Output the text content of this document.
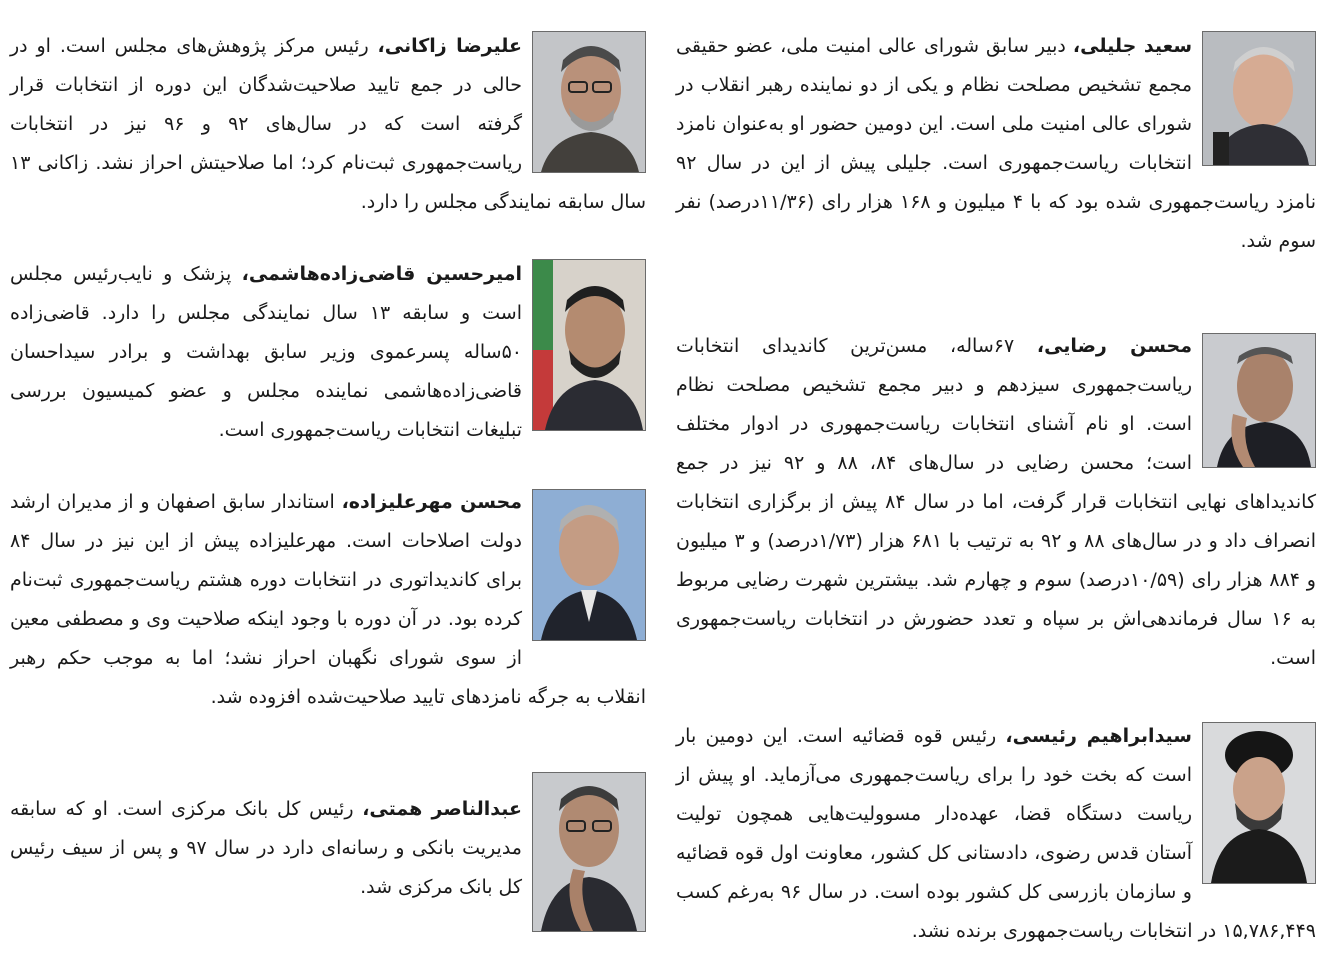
سعید جلیلی، دبیر سابق شورای عالی امنیت ملی، عضو حقیقی مجمع تشخیص مصلحت نظام و یکی از دو نماینده رهبر انقلاب در شورای عالی امنیت ملی است. این دومین حضور او به‌عنوان نامزد انتخابات ریاست‌جمهوری است. جلیلی پیش از این در سال ۹۲ نامزد ریاست‌جمهوری شده بود که با ۴ میلیون و ۱۶۸ هزار رای (۱۱/۳۶درصد) نفر سوم شد.

محسن رضایی، ۶۷ساله، مسن‌ترین کاندیدای انتخابات ریاست‌جمهوری سیزدهم و دبیر مجمع تشخیص مصلحت نظام است. او نام آشنای انتخابات ریاست‌جمهوری در ادوار مختلف است؛ محسن رضایی در سال‌های ۸۴، ۸۸ و ۹۲ نیز در جمع کاندیداهای نهایی انتخابات قرار گرفت، اما در سال ۸۴ پیش از برگزاری انتخابات انصراف داد و در سال‌های ۸۸ و ۹۲ به ترتیب با ۶۸۱ هزار (۱/۷۳درصد) و ۳ میلیون و ۸۸۴ هزار رای (۱۰/۵۹درصد) سوم و چهارم شد. بیشترین شهرت رضایی مربوط به ۱۶ سال فرماندهی‌اش بر سپاه و تعدد حضورش در انتخابات ریاست‌جمهوری است.

سیدابراهیم رئیسی، رئیس قوه قضائیه است. این دومین بار است که بخت خود را برای ریاست‌جمهوری می‌آزماید. او پیش از ریاست دستگاه قضا، عهده‌دار مسوولیت‌هایی همچون تولیت آستان قدس رضوی، دادستانی کل کشور، معاونت اول قوه قضائیه و سازمان بازرسی کل کشور بوده است. در سال ۹۶ به‌رغم کسب ۱۵,۷۸۶,۴۴۹ در انتخابات ریاست‌جمهوری برنده نشد.

علیرضا زاکانی، رئیس مرکز پژوهش‌های مجلس است. او در حالی در جمع تایید صلاحیت‌شدگان این دوره از انتخابات قرار گرفته است که در سال‌های ۹۲ و ۹۶ نیز در انتخابات ریاست‌جمهوری ثبت‌نام کرد؛ اما صلاحیتش احراز نشد. زاکانی ۱۳ سال سابقه نمایندگی مجلس را دارد.

امیرحسین قاضی‌زاده‌هاشمی، پزشک و نایب‌رئیس مجلس است و سابقه ۱۳ سال نمایندگی مجلس را دارد. قاضی‌زاده ۵۰ساله پسرعموی وزیر سابق بهداشت و برادر سیداحسان قاضی‌زاده‌هاشمی نماینده مجلس و عضو کمیسیون بررسی تبلیغات انتخابات ریاست‌جمهوری است.

محسن مهرعلیزاده، استاندار سابق اصفهان و از مدیران ارشد دولت اصلاحات است. مهرعلیزاده پیش از این نیز در سال ۸۴ برای کاندیداتوری در انتخابات دوره هشتم ریاست‌جمهوری ثبت‌نام کرده بود. در آن دوره با وجود اینکه صلاحیت وی و مصطفی معین از سوی شورای نگهبان احراز نشد؛ اما به موجب حکم رهبر انقلاب به جرگه نامزدهای تایید صلاحیت‌شده افزوده شد.

عبدالناصر همتی، رئیس کل بانک مرکزی است. او که سابقه مدیریت بانکی و رسانه‌ای دارد در سال ۹۷ و پس از سیف رئیس کل بانک مرکزی شد.
